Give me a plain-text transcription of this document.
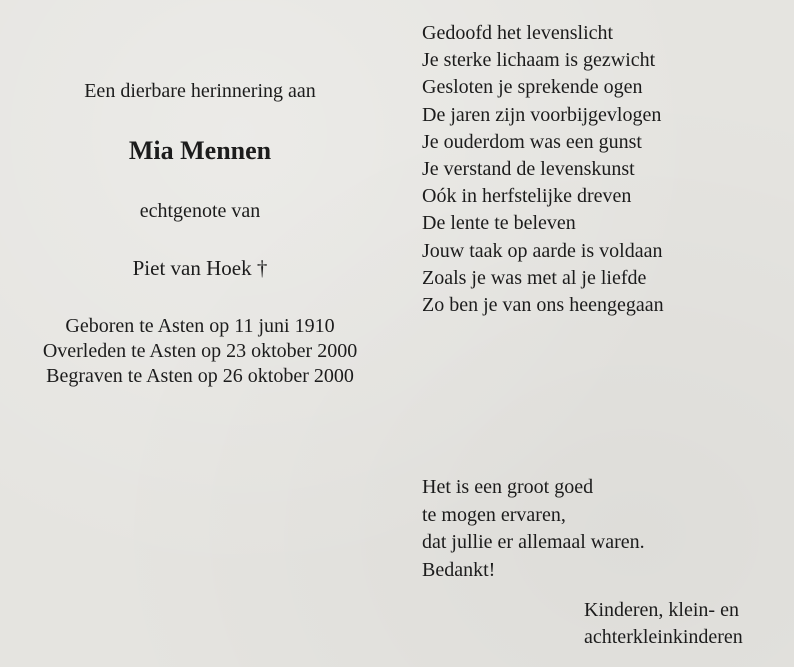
Een dierbare herinnering aan
Mia Mennen
echtgenote van
Piet van Hoek †
Geboren te Asten op 11 juni 1910
Overleden te Asten op 23 oktober 2000
Begraven te Asten op 26 oktober 2000
Gedoofd het levenslicht
Je sterke lichaam is gezwicht
Gesloten je sprekende ogen
De jaren zijn voorbijgevlogen
Je ouderdom was een gunst
Je verstand de levenskunst
Oók in herfstelijke dreven
De lente te beleven
Jouw taak op aarde is voldaan
Zoals je was met al je liefde
Zo ben je van ons heengegaan
Het is een groot goed
te mogen ervaren,
dat jullie er allemaal waren.
Bedankt!
Kinderen, klein- en
achterkleinkinderen
